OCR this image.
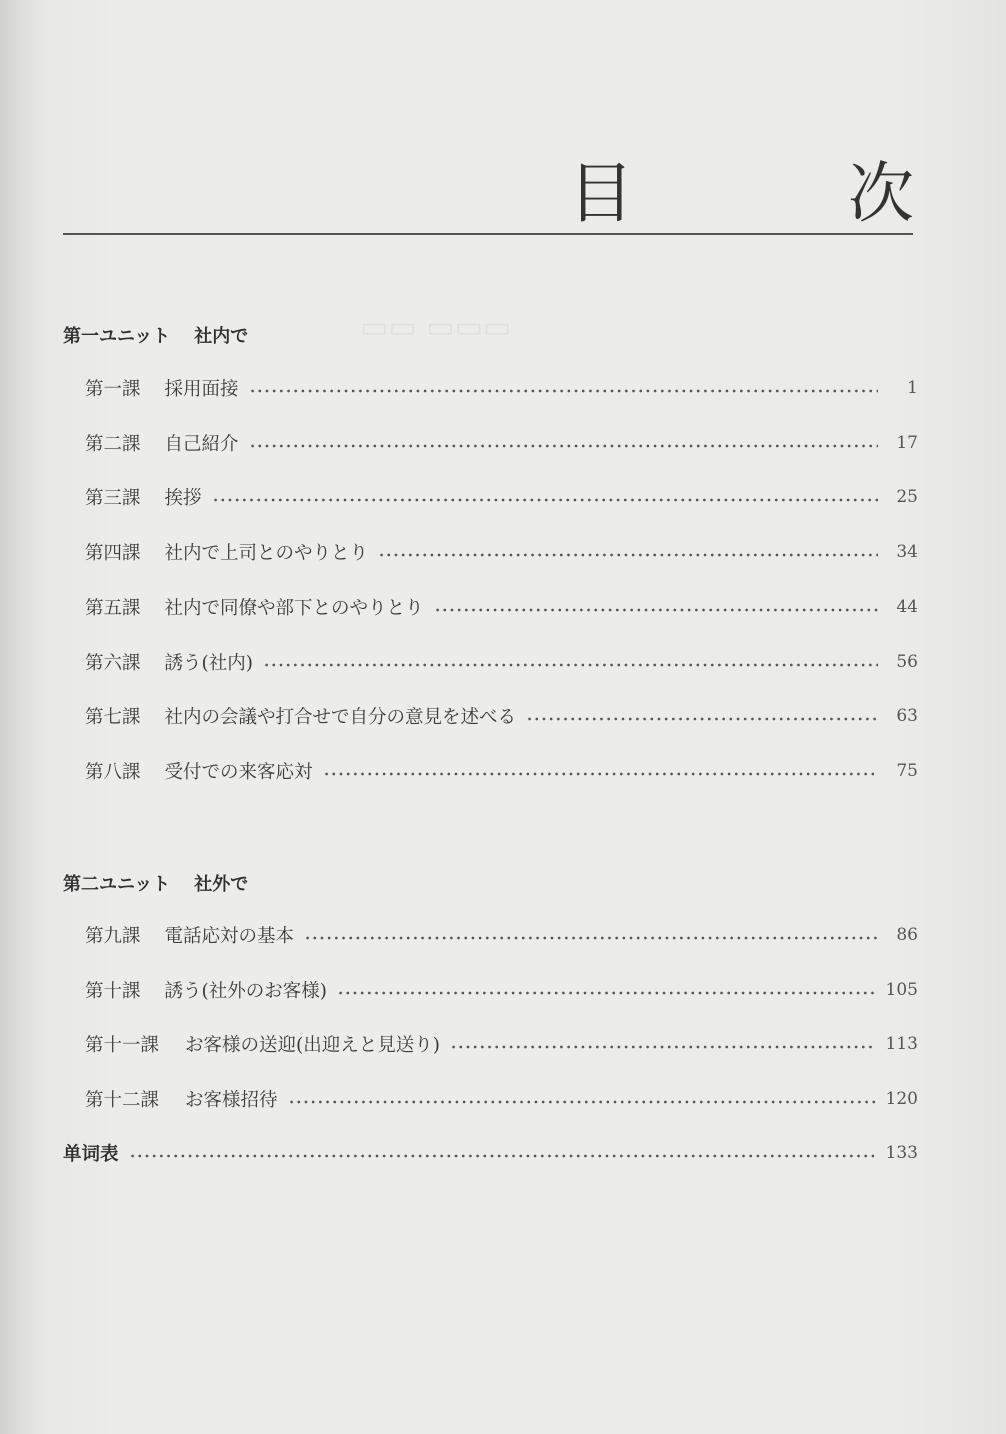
目　次
第一ユニット 社内で
第一課 採用面接	1
第二課 自己紹介	17
第三課 挨拶	25
第四課 社内で上司とのやりとり	34
第五課 社内で同僚や部下とのやりとり	44
第六課 誘う(社内)	56
第七課 社内の会議や打合せで自分の意見を述べる	63
第八課 受付での来客応対	75
第二ユニット 社外で
第九課 電話応対の基本	86
第十課 誘う(社外のお客様)	105
第十一課 お客様の送迎(出迎えと見送り)	113
第十二課 お客様招待	120
单词表	133
